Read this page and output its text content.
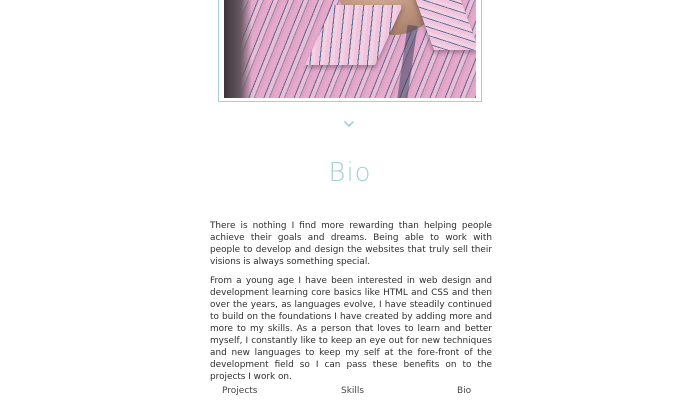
Bio

There is nothing I find more rewarding than helping people achieve their goals and dreams. Being able to work with people to develop and design the websites that truly sell their visions is always something special.

From a young age I have been interested in web design and development learning core basics like HTML and CSS and then over the years, as languages evolve, I have steadily continued to build on the foundations I have created by adding more and more to my skills. As a person that loves to learn and better myself, I constantly like to keep an eye out for new techniques and new languages to keep my self at the fore-front of the development field so I can pass these benefits on to the projects I work on.

Projects	Skills	Bio
